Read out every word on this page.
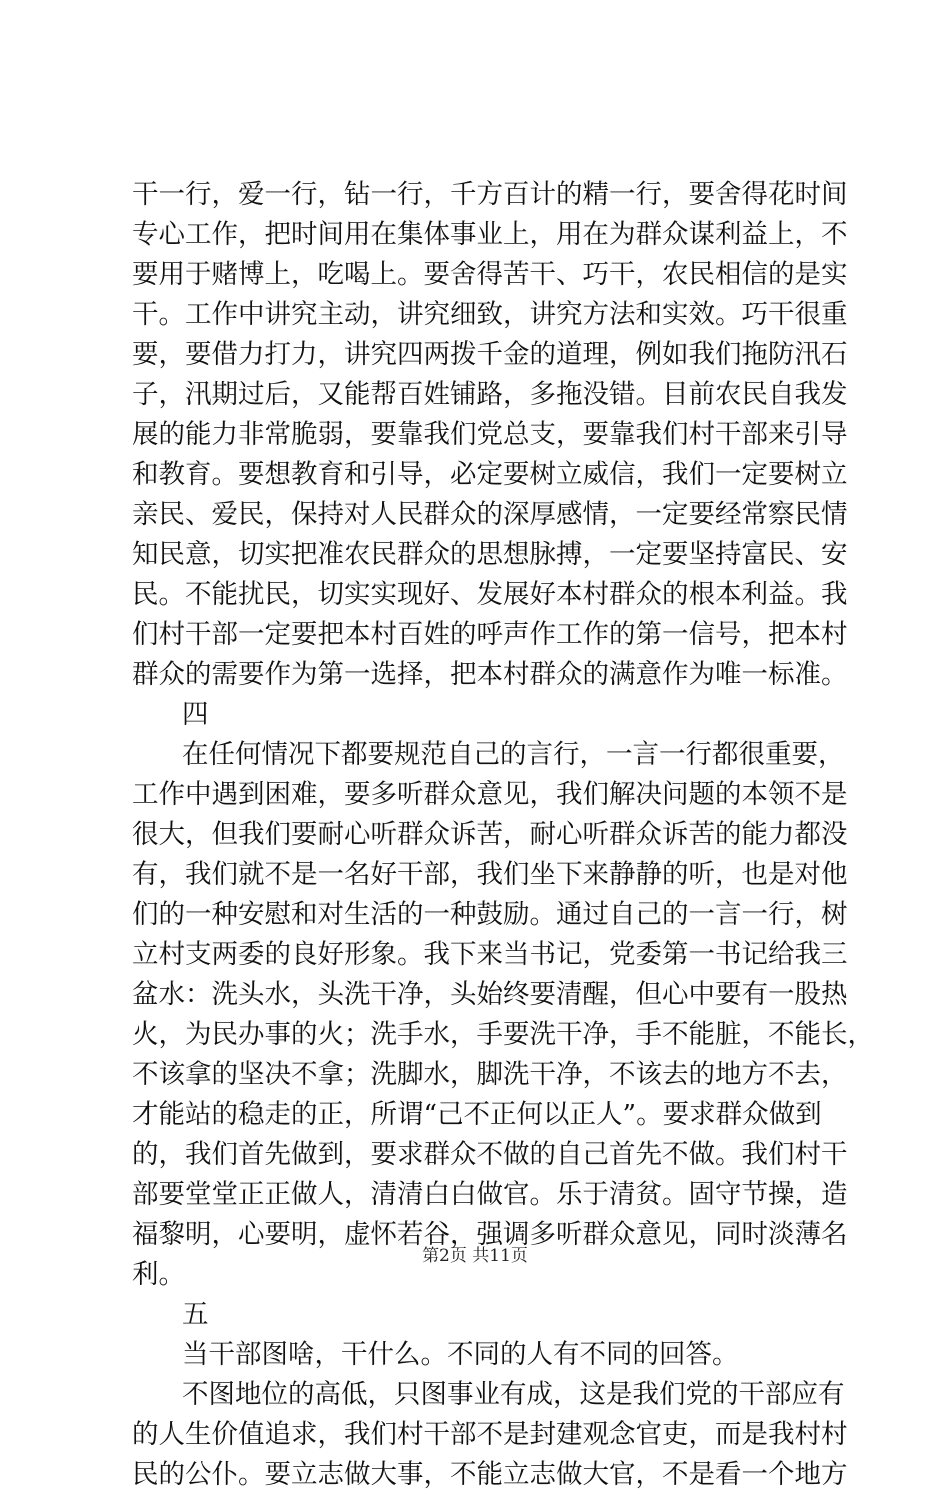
干一行，爱一行，钻一行，千方百计的精一行，要舍得花时间
专心工作，把时间用在集体事业上，用在为群众谋利益上，不
要用于赌博上，吃喝上。要舍得苦干、巧干，农民相信的是实
干。工作中讲究主动，讲究细致，讲究方法和实效。巧干很重
要，要借力打力，讲究四两拨千金的道理，例如我们拖防汛石
子，汛期过后，又能帮百姓铺路，多拖没错。目前农民自我发
展的能力非常脆弱，要靠我们党总支，要靠我们村干部来引导
和教育。要想教育和引导，必定要树立威信，我们一定要树立
亲民、爱民，保持对人民群众的深厚感情，一定要经常察民情
知民意，切实把准农民群众的思想脉搏，一定要坚持富民、安
民。不能扰民，切实实现好、发展好本村群众的根本利益。我
们村干部一定要把本村百姓的呼声作工作的第一信号，把本村
群众的需要作为第一选择，把本村群众的满意作为唯一标准。
四
在任何情况下都要规范自己的言行，一言一行都很重要，
工作中遇到困难，要多听群众意见，我们解决问题的本领不是
很大，但我们要耐心听群众诉苦，耐心听群众诉苦的能力都没
有，我们就不是一名好干部，我们坐下来静静的听，也是对他
们的一种安慰和对生活的一种鼓励。通过自己的一言一行，树
立村支两委的良好形象。我下来当书记，党委第一书记给我三
盆水：洗头水，头洗干净，头始终要清醒，但心中要有一股热
火，为民办事的火；洗手水，手要洗干净，手不能脏，不能长，
不该拿的坚决不拿；洗脚水，脚洗干净，不该去的地方不去，
才能站的稳走的正，所谓“己不正何以正人”。要求群众做到
的，我们首先做到，要求群众不做的自己首先不做。我们村干
部要堂堂正正做人，清清白白做官。乐于清贫。固守节操，造
福黎明，心要明，虚怀若谷，强调多听群众意见，同时淡薄名
利。
五
当干部图啥，干什么。不同的人有不同的回答。
不图地位的高低，只图事业有成，这是我们党的干部应有
的人生价值追求，我们村干部不是封建观念官吏，而是我村村
民的公仆。要立志做大事，不能立志做大官，不是看一个地方
第2页 共11页
